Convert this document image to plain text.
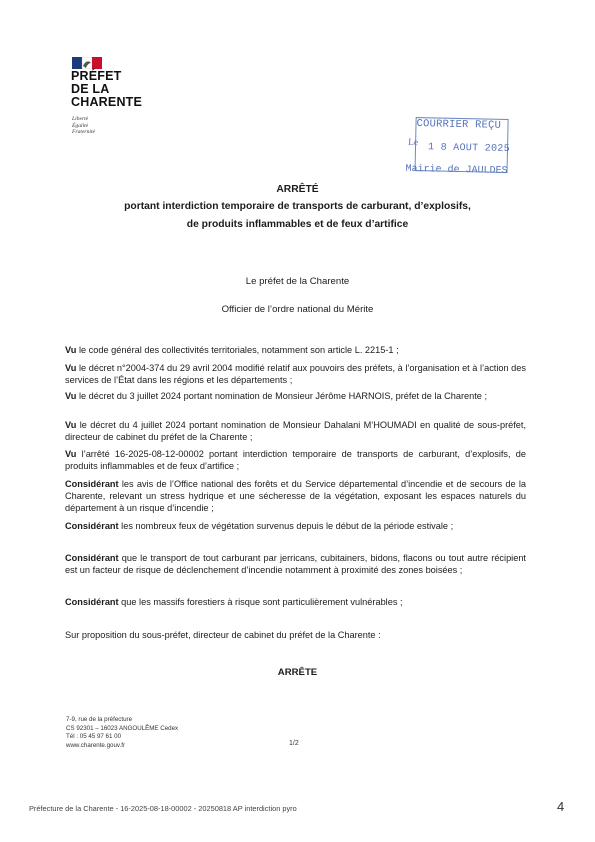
PRÉFET
DE LA
CHARENTE
Liberté
Égalité
Fraternité
COURRIER REÇU
Le 1 8 AOUT 2025
Mairie de JAULDES
ARRÊTÉ
portant interdiction temporaire de transports de carburant, d’explosifs,
de produits inflammables et de feux d’artifice
Le préfet de la Charente
Officier de l’ordre national du Mérite
Vu le code général des collectivités territoriales, notamment son article L. 2215-1 ;
Vu le décret n°2004-374 du 29 avril 2004 modifié relatif aux pouvoirs des préfets, à l’organisation et à l’action des services de l’État dans les régions et les départements ;
Vu le décret du 3 juillet 2024 portant nomination de Monsieur Jérôme HARNOIS, préfet de la Charente ;
Vu le décret du 4 juillet 2024 portant nomination de Monsieur Dahalani M’HOUMADI en qualité de sous-préfet, directeur de cabinet du préfet de la Charente ;
Vu l’arrêté 16-2025-08-12-00002 portant interdiction temporaire de transports de carburant, d’explosifs, de produits inflammables et de feux d’artifice ;
Considérant les avis de l’Office national des forêts et du Service départemental d’incendie et de secours de la Charente, relevant un stress hydrique et une sécheresse de la végétation, exposant les espaces naturels du département à un risque d’incendie ;
Considérant les nombreux feux de végétation survenus depuis le début de la période estivale ;
Considérant que le transport de tout carburant par jerricans, cubitainers, bidons, flacons ou tout autre récipient est un facteur de risque de déclenchement d’incendie notamment à proximité des zones boisées ;
Considérant que les massifs forestiers à risque sont particulièrement vulnérables ;
Sur proposition du sous-préfet, directeur de cabinet du préfet de la Charente :
ARRÊTE
7-9, rue de la préfecture
CS 92301 – 16023 ANGOULÊME Cedex
Tél : 05 45 97 61 00
www.charente.gouv.fr	1/2
Préfecture de la Charente - 16-2025-08-18-00002 - 20250818 AP interdiction pyro	4
